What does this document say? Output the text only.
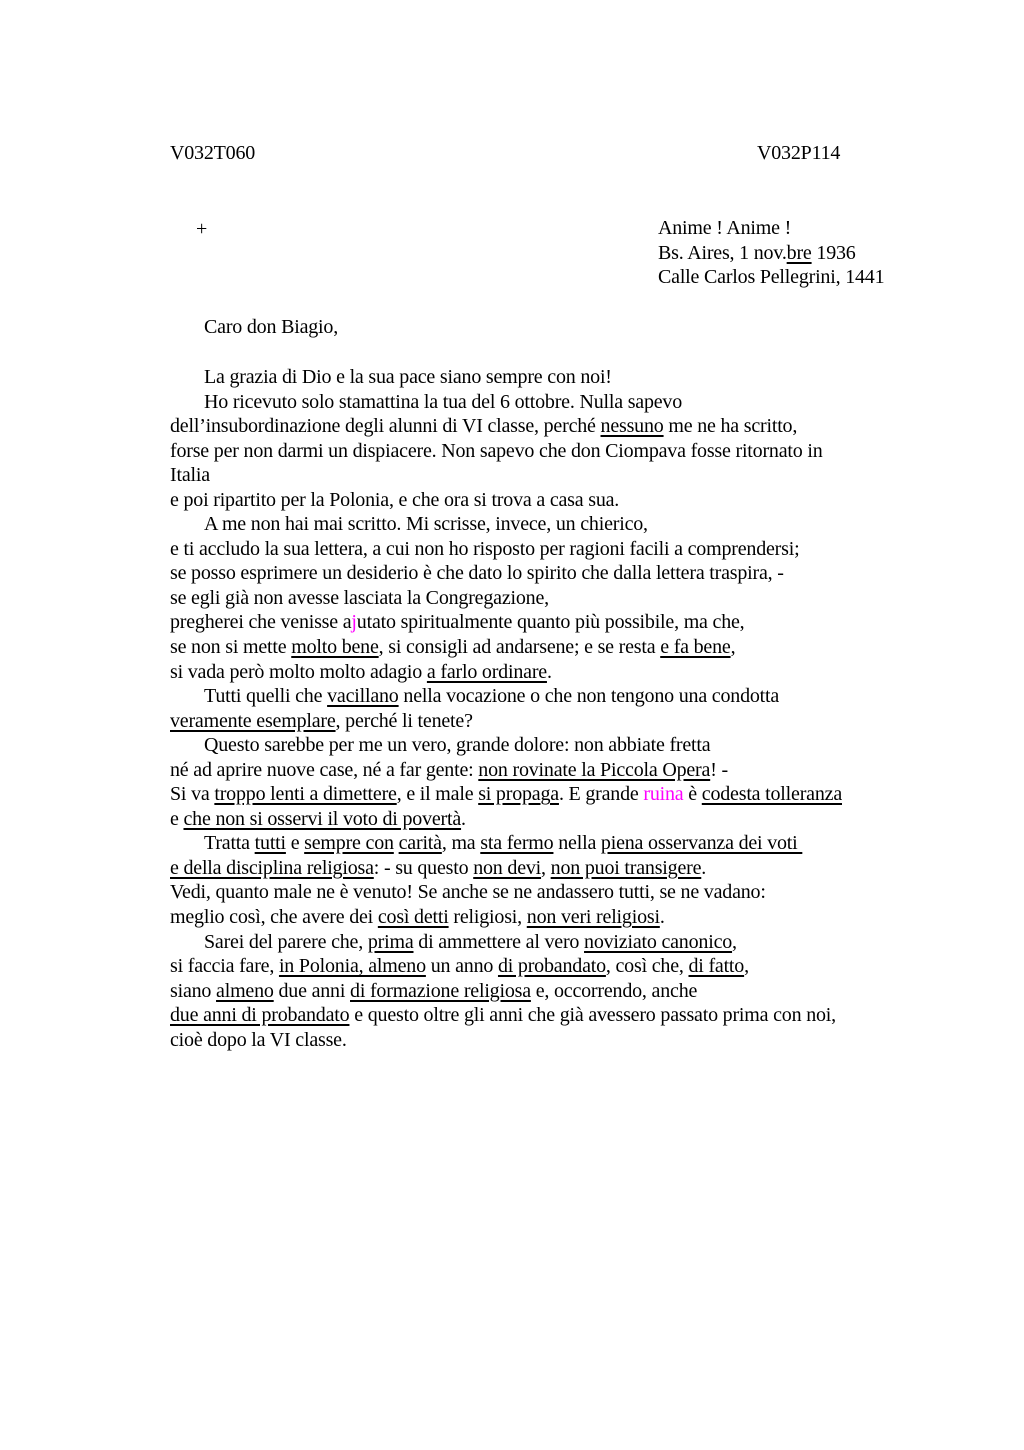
V032T060	V032P114
+	Anime ! Anime !
Bs. Aires, 1 nov.bre 1936
Calle Carlos Pellegrini, 1441
Caro don Biagio,
La grazia di Dio e la sua pace siano sempre con noi!
Ho ricevuto solo stamattina la tua del 6 ottobre. Nulla sapevo
dell’insubordinazione degli alunni di VI classe, perché nessuno me ne ha scritto,
forse per non darmi un dispiacere. Non sapevo che don Ciompava fosse ritornato in
Italia
e poi ripartito per la Polonia, e che ora si trova a casa sua.
A me non hai mai scritto. Mi scrisse, invece, un chierico,
e ti accludo la sua lettera, a cui non ho risposto per ragioni facili a comprendersi;
se posso esprimere un desiderio è che dato lo spirito che dalla lettera traspira, -
se egli già non avesse lasciata la Congregazione,
pregherei che venisse ajutato spiritualmente quanto più possibile, ma che,
se non si mette molto bene, si consigli ad andarsene; e se resta e fa bene,
si vada però molto molto adagio a farlo ordinare.
Tutti quelli che vacillano nella vocazione o che non tengono una condotta
veramente esemplare, perché li tenete?
Questo sarebbe per me un vero, grande dolore: non abbiate fretta
né ad aprire nuove case, né a far gente: non rovinate la Piccola Opera! -
Si va troppo lenti a dimettere, e il male si propaga. E grande ruina è codesta tolleranza
e che non si osservi il voto di povertà.
Tratta tutti e sempre con carità, ma sta fermo nella piena osservanza dei voti
e della disciplina religiosa: - su questo non devi, non puoi transigere.
Vedi, quanto male ne è venuto! Se anche se ne andassero tutti, se ne vadano:
meglio così, che avere dei così detti religiosi, non veri religiosi.
Sarei del parere che, prima di ammettere al vero noviziato canonico,
si faccia fare, in Polonia, almeno un anno di probandato, così che, di fatto,
siano almeno due anni di formazione religiosa e, occorrendo, anche
due anni di probandato e questo oltre gli anni che già avessero passato prima con noi,
cioè dopo la VI classe.
